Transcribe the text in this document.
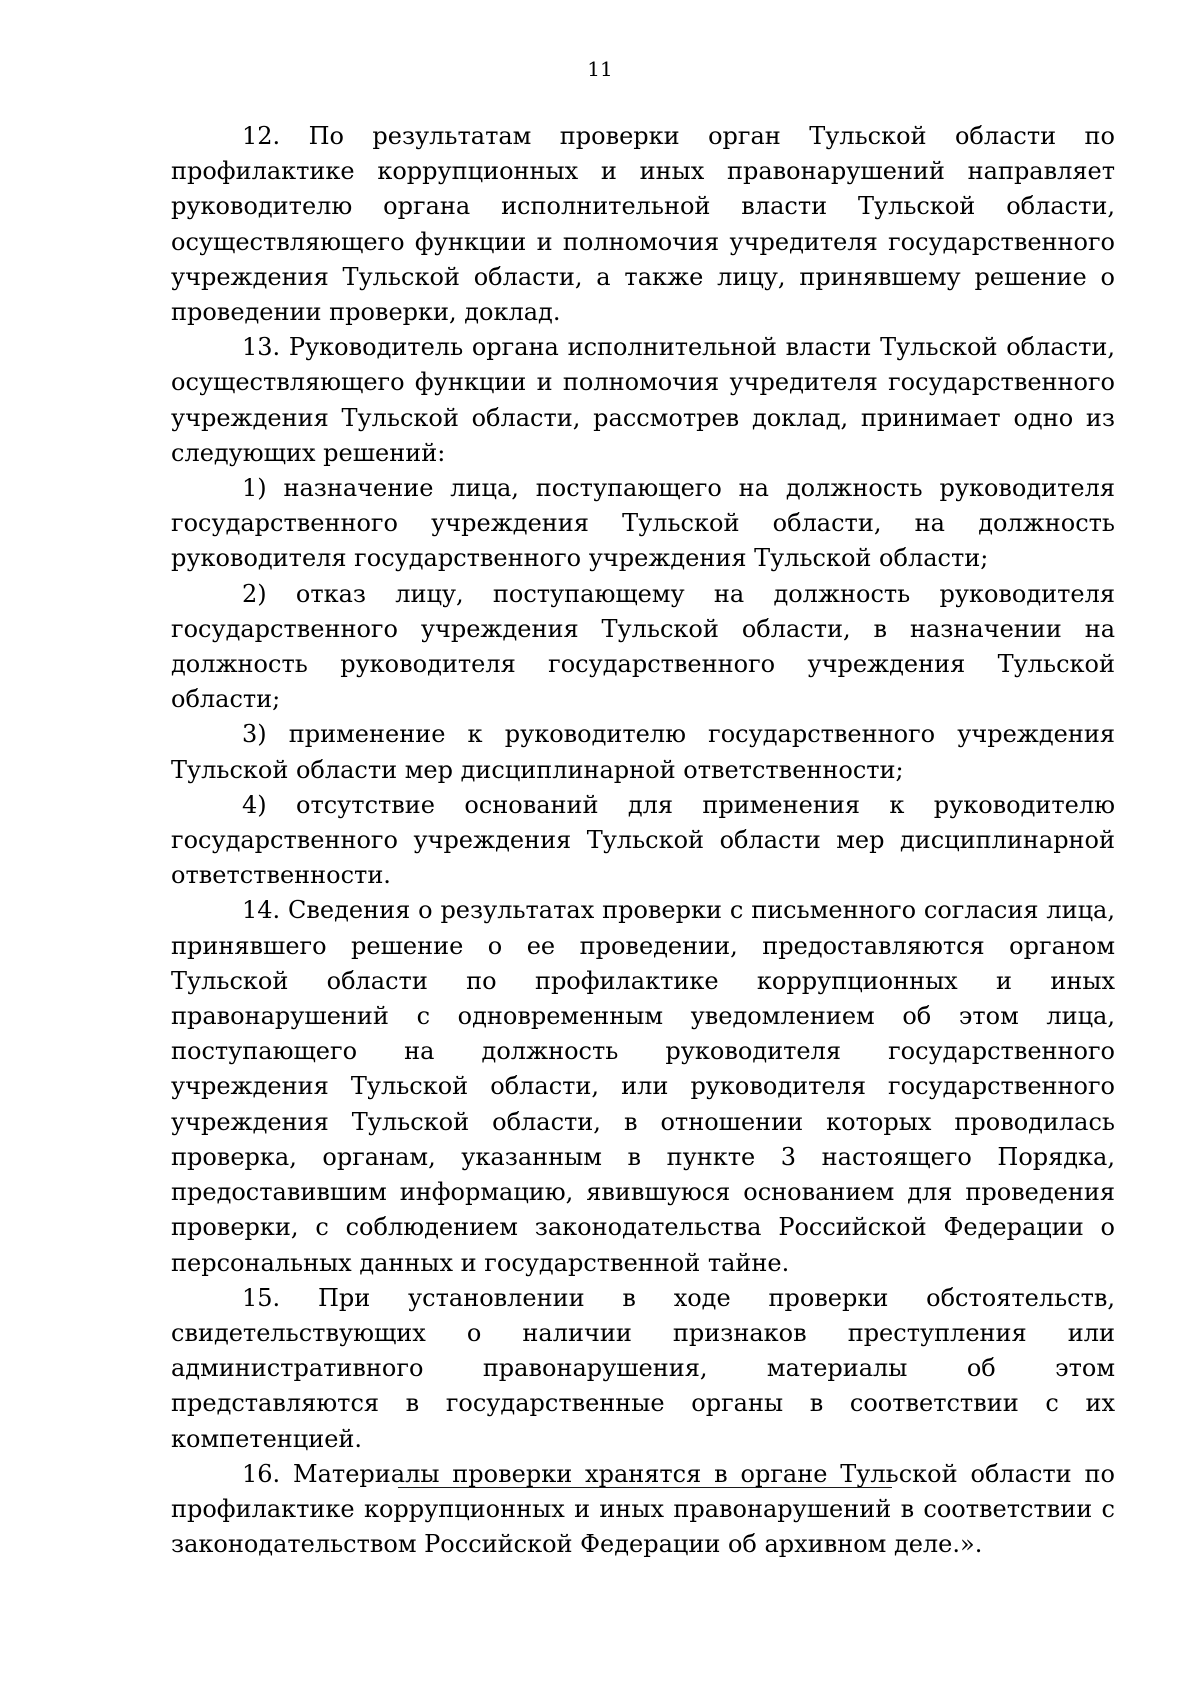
11

12. По результатам проверки орган Тульской области по профилактике коррупционных и иных правонарушений направляет руководителю органа исполнительной власти Тульской области, осуществляющего функции и полномочия учредителя государственного учреждения Тульской области, а также лицу, принявшему решение о проведении проверки, доклад.

13. Руководитель органа исполнительной власти Тульской области, осуществляющего функции и полномочия учредителя государственного учреждения Тульской области, рассмотрев доклад, принимает одно из следующих решений:

1) назначение лица, поступающего на должность руководителя государственного учреждения Тульской области, на должность руководителя государственного учреждения Тульской области;

2) отказ лицу, поступающему на должность руководителя государственного учреждения Тульской области, в назначении на должность руководителя государственного учреждения Тульской области;

3) применение к руководителю государственного учреждения Тульской области мер дисциплинарной ответственности;

4) отсутствие оснований для применения к руководителю государственного учреждения Тульской области мер дисциплинарной ответственности.

14. Сведения о результатах проверки с письменного согласия лица, принявшего решение о ее проведении, предоставляются органом Тульской области по профилактике коррупционных и иных правонарушений с одновременным уведомлением об этом лица, поступающего на должность руководителя государственного учреждения Тульской области, или руководителя государственного учреждения Тульской области, в отношении которых проводилась проверка, органам, указанным в пункте 3 настоящего Порядка, предоставившим информацию, явившуюся основанием для проведения проверки, с соблюдением законодательства Российской Федерации о персональных данных и государственной тайне.

15. При установлении в ходе проверки обстоятельств, свидетельствующих о наличии признаков преступления или административного правонарушения, материалы об этом представляются в государственные органы в соответствии с их компетенцией.

16. Материалы проверки хранятся в органе Тульской области по профилактике коррупционных и иных правонарушений в соответствии с законодательством Российской Федерации об архивном деле.».
